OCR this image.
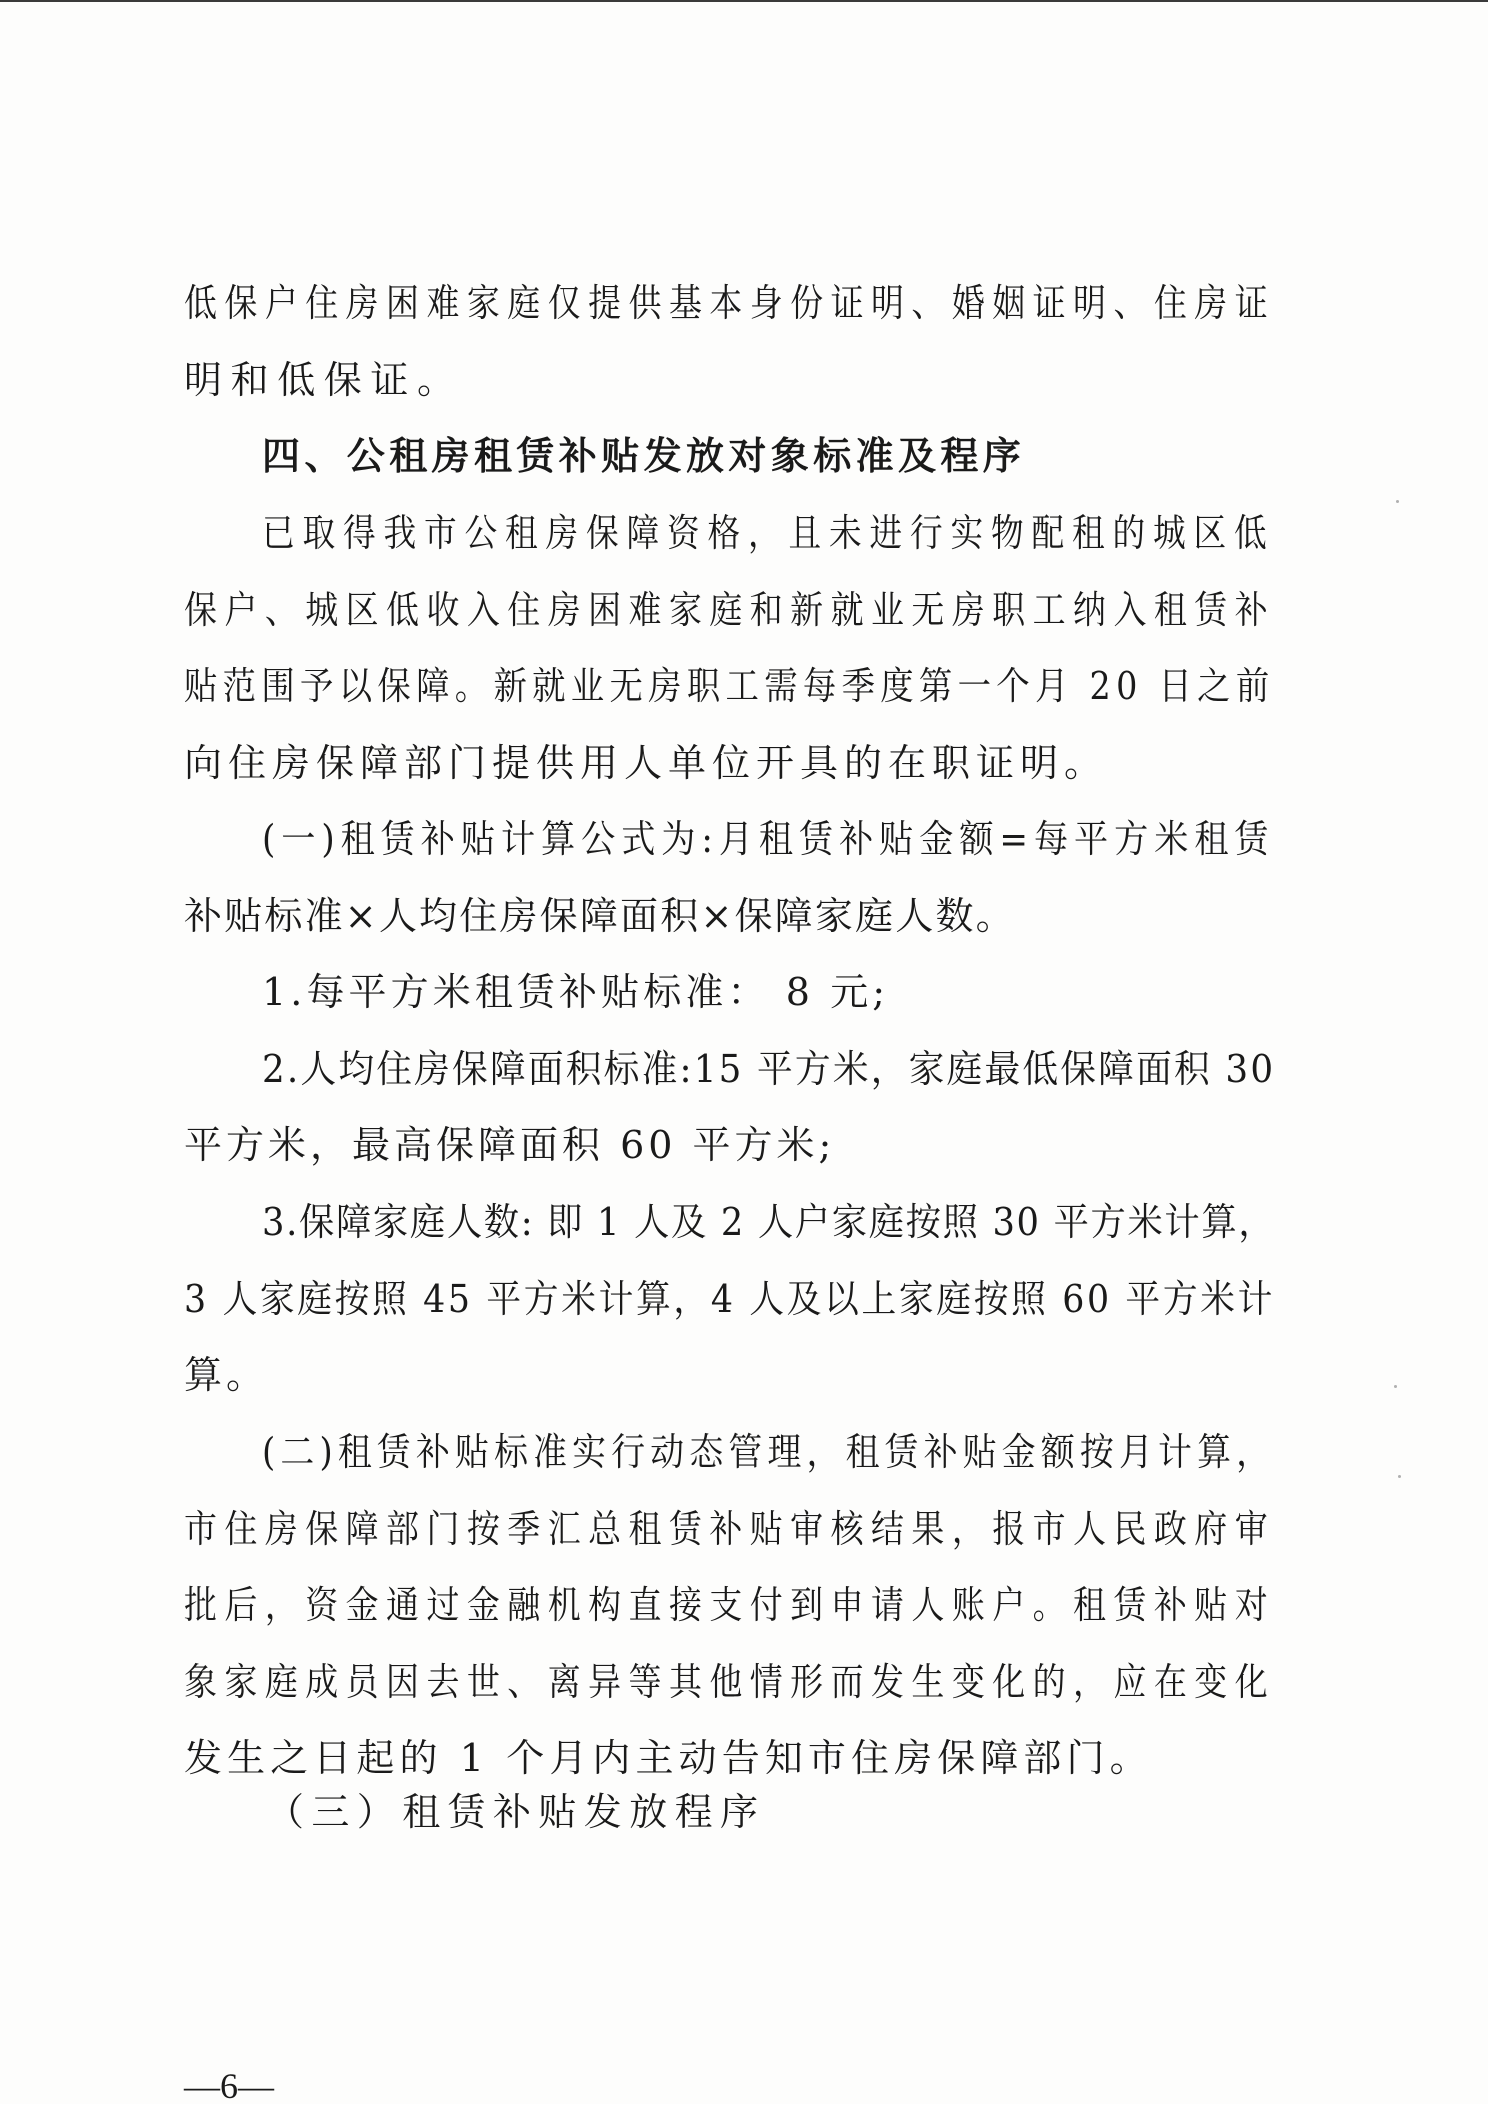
低保户住房困难家庭仅提供基本身份证明、婚姻证明、住房证
明和低保证。
四、公租房租赁补贴发放对象标准及程序
已取得我市公租房保障资格，且未进行实物配租的城区低
保户、城区低收入住房困难家庭和新就业无房职工纳入租赁补
贴范围予以保障。新就业无房职工需每季度第一个月 20 日之前
向住房保障部门提供用人单位开具的在职证明。
(一)租赁补贴计算公式为:月租赁补贴金额=每平方米租赁
补贴标准×人均住房保障面积×保障家庭人数。
1.每平方米租赁补贴标准： 8 元;
2.人均住房保障面积标准:15 平方米，家庭最低保障面积 30
平方米，最高保障面积 60 平方米;
3.保障家庭人数: 即 1 人及 2 人户家庭按照 30 平方米计算，
3 人家庭按照 45 平方米计算，4 人及以上家庭按照 60 平方米计
算。
(二)租赁补贴标准实行动态管理，租赁补贴金额按月计算，
市住房保障部门按季汇总租赁补贴审核结果，报市人民政府审
批后，资金通过金融机构直接支付到申请人账户。租赁补贴对
象家庭成员因去世、离异等其他情形而发生变化的，应在变化
发生之日起的 1 个月内主动告知市住房保障部门。
（三）租赁补贴发放程序
—6—
